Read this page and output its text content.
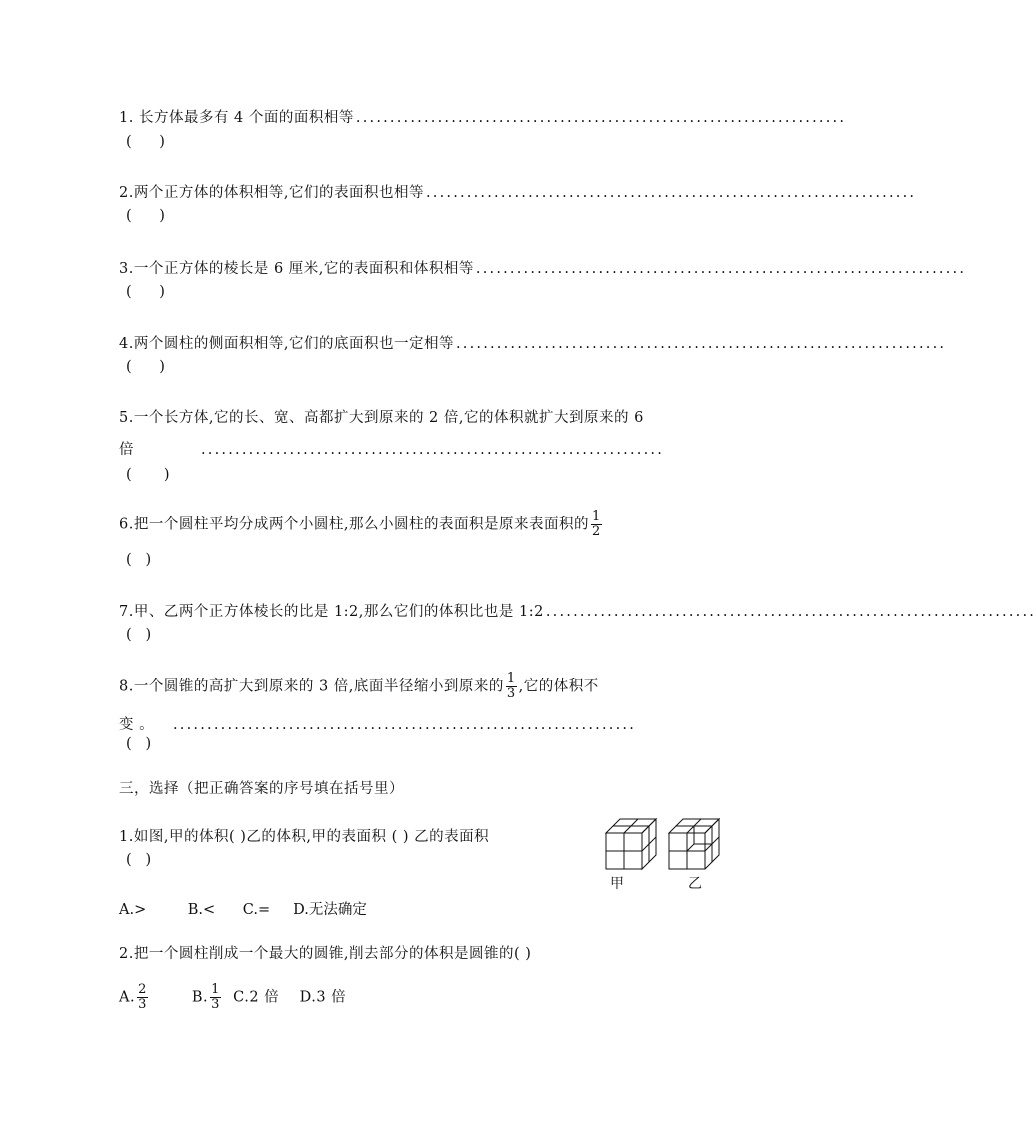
1. 长方体最多有 4 个面的面积相等 ........................................................................
(      )
2.两个正方体的体积相等,它们的表面积也相等 ........................................................................
(      )
3.一个正方体的棱长是 6 厘米,它的表面积和体积相等 ........................................................................
(      )
4.两个圆柱的侧面积相等,它们的底面积也一定相等 ........................................................................
(      )
5.一个长方体,它的长、宽、高都扩大到原来的 2 倍,它的体积就扩大到原来的 6
倍	....................................................................
(       )
6.把一个圆柱平均分成两个小圆柱,那么小圆柱的表面积是原来表面积的 $\frac{1}{2}$
(   )
7.甲、乙两个正方体棱长的比是 1:2,那么它们的体积比也是 1:2 ........................................................................
(   )
8.一个圆锥的高扩大到原来的 3 倍,底面半径缩小到原来的 $\frac{1}{3}$ ,它的体积不
变 。	....................................................................
(   )
三，选择（把正确答案的序号填在括号里）
1.如图,甲的体积( )乙的体积,甲的表面积 ( ) 乙的表面积
(   )
甲	乙
A.>         B.<      C.=     D.无法确定
2.把一个圆柱削成一个最大的圆锥,削去部分的体积是圆锥的( )
A. $\frac{2}{3}$	B. $\frac{1}{3} C.2$ 倍    D.3 倍
